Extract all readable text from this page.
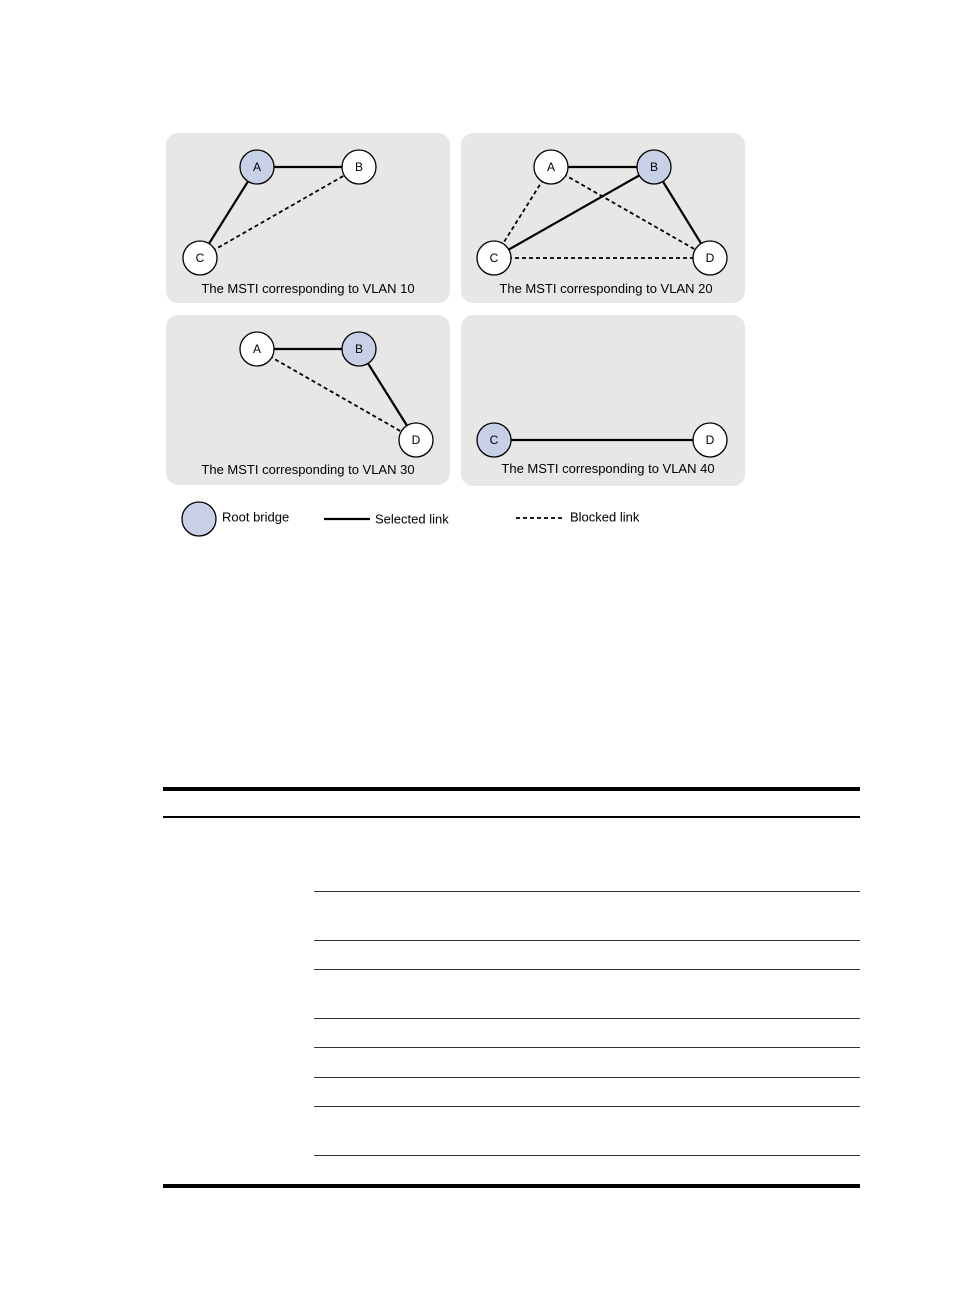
A	B
C
The MSTI corresponding to VLAN 10
A	B
C	D
The MSTI corresponding to VLAN 20
A	B
D
The MSTI corresponding to VLAN 30
C	D
The MSTI corresponding to VLAN 40
Root bridge	Selected link	Blocked link
